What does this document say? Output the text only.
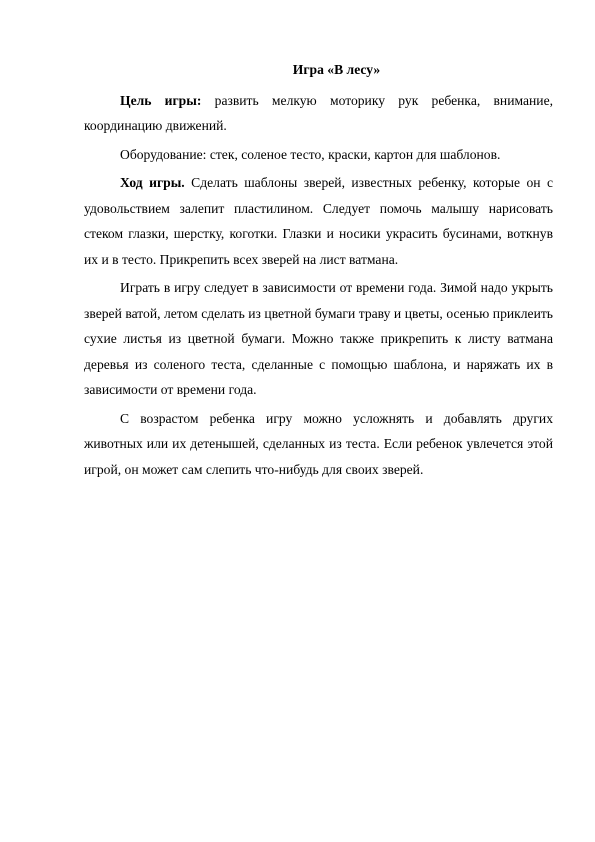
Игра «В лесу»

Цель игры: развить мелкую моторику рук ребенка, внимание, координацию движений.

Оборудование: стек, соленое тесто, краски, картон для шаблонов.

Ход игры. Сделать шаблоны зверей, известных ребенку, которые он с удовольствием залепит пластилином. Следует помочь малышу нарисовать стеком глазки, шерстку, коготки. Глазки и носики украсить бусинами, воткнув их и в тесто. Прикрепить всех зверей на лист ватмана.

Играть в игру следует в зависимости от времени года. Зимой надо укрыть зверей ватой, летом сделать из цветной бумаги траву и цветы, осенью приклеить сухие листья из цветной бумаги. Можно также прикрепить к листу ватмана деревья из соленого теста, сделанные с помощью шаблона, и наряжать их в зависимости от времени года.

С возрастом ребенка игру можно усложнять и добавлять других животных или их детенышей, сделанных из теста. Если ребенок увлечется этой игрой, он может сам слепить что-нибудь для своих зверей.
